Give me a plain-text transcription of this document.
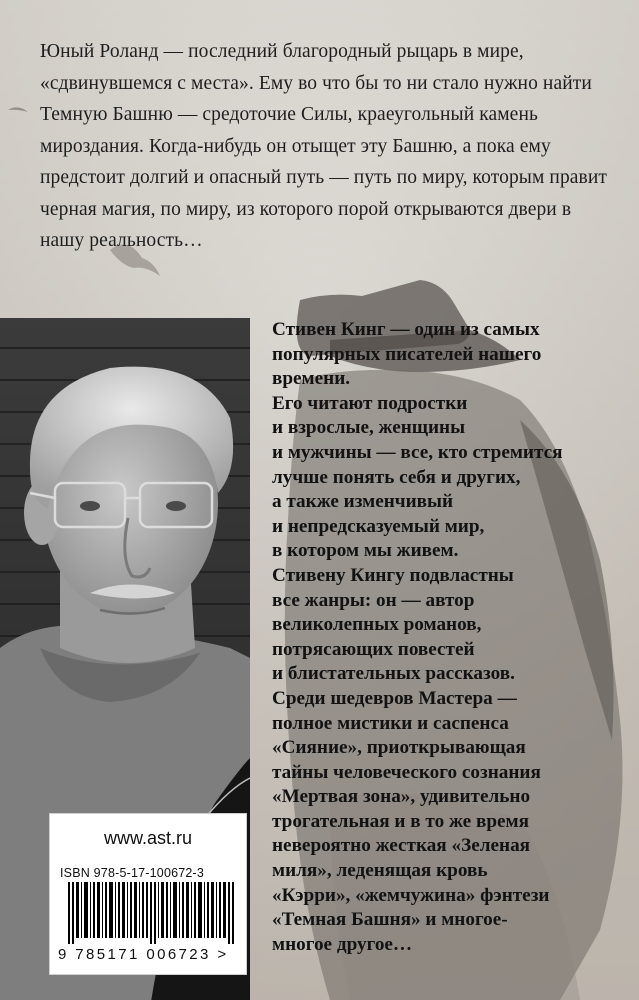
Юный Роланд — последний благородный рыцарь в мире, «сдвинувшемся с места». Ему во что бы то ни стало нужно найти Темную Башню — средоточие Силы, краеугольный камень мироздания. Когда-нибудь он отыщет эту Башню, а пока ему предстоит долгий и опасный путь — путь по миру, которым правит черная магия, по миру, из которого порой открываются двери в нашу реальность…

Стивен Кинг — один из самых
популярных писателей нашего
времени.
Его читают подростки
и взрослые, женщины
и мужчины — все, кто стремится
лучше понять себя и других,
а также изменчивый
и непредсказуемый мир,
в котором мы живем.
Стивену Кингу подвластны
все жанры: он — автор
великолепных романов,
потрясающих повестей
и блистательных рассказов.
Среди шедевров Мастера —
полное мистики и саспенса
«Сияние», приоткрывающая
тайны человеческого сознания
«Мертвая зона», удивительно
трогательная и в то же время
невероятно жесткая «Зеленая
миля», леденящая кровь
«Кэрри», «жемчужина» фэнтези
«Темная Башня» и многое-
многое другое…
www.ast.ru
ISBN 978-5-17-100672-3
9 785171 006723 >
